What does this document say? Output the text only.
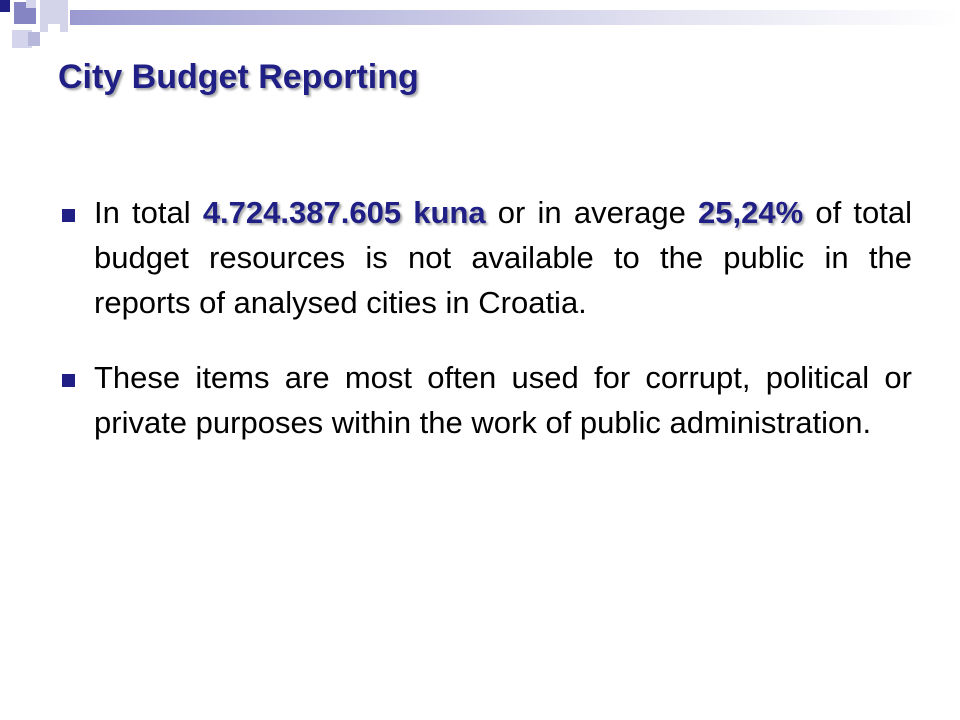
City Budget Reporting

In total 4.724.387.605 kuna or in average 25,24% of total budget resources is not available to the public in the reports of analysed cities in Croatia.

These items are most often used for corrupt, political or private purposes within the work of public administration.
